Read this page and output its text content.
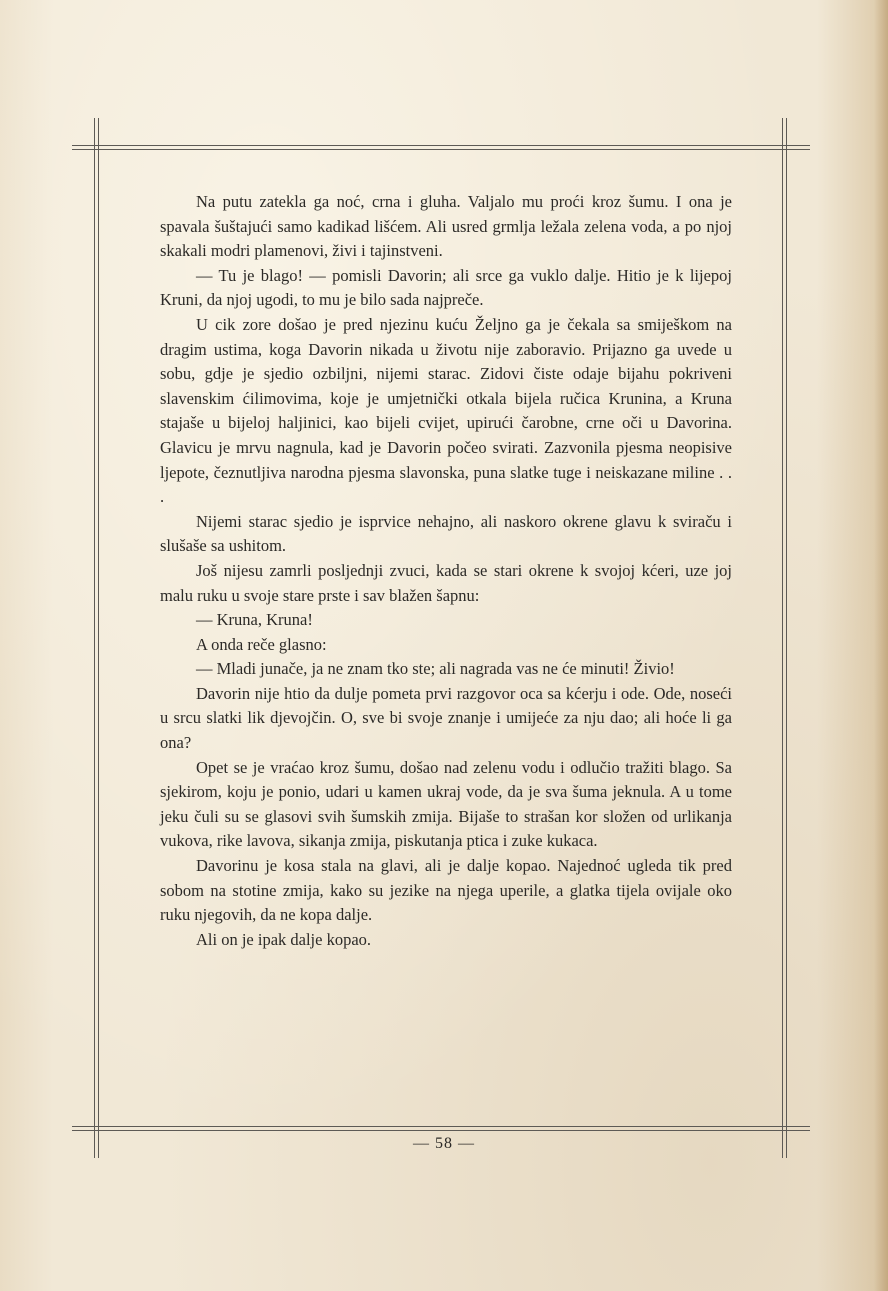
Na putu zatekla ga noć, crna i gluha. Valjalo mu proći kroz šumu. I ona je spavala šuštajući samo kadikad lišćem. Ali usred grmlja ležala zelena voda, a po njoj skakali modri plamenovi, živi i tajinstveni.

— Tu je blago! — pomisli Davorin; ali srce ga vuklo dalje. Hitio je k lijepoj Kruni, da njoj ugodi, to mu je bilo sada najpreče.

U cik zore došao je pred njezinu kuću Željno ga je čekala sa smiješkom na dragim ustima, koga Davorin nikada u životu nije zaboravio. Prijazno ga uvede u sobu, gdje je sjedio ozbiljni, nijemi starac. Zidovi čiste odaje bijahu pokriveni slavenskim ćilimovima, koje je umjetnički otkala bijela ručica Krunina, a Kruna stajaše u bijeloj haljinici, kao bijeli cvijet, upirući čarobne, crne oči u Davorina. Glavicu je mrvu nagnula, kad je Davorin počeo svirati. Zazvonila pjesma neopisive ljepote, čeznutljiva narodna pjesma slavonska, puna slatke tuge i neiskazane miline . . .

Nijemi starac sjedio je isprvice nehajno, ali naskoro okrene glavu k sviraču i slušaše sa ushitom.

Još nijesu zamrli posljednji zvuci, kada se stari okrene k svojoj kćeri, uze joj malu ruku u svoje stare prste i sav blažen šapnu:

— Kruna, Kruna!

A onda reče glasno:

— Mladi junače, ja ne znam tko ste; ali nagrada vas ne će minuti! Živio!

Davorin nije htio da dulje pometa prvi razgovor oca sa kćerju i ode. Ode, noseći u srcu slatki lik djevojčin. O, sve bi svoje znanje i umijeće za nju dao; ali hoće li ga ona?

Opet se je vraćao kroz šumu, došao nad zelenu vodu i odlučio tražiti blago. Sa sjekirom, koju je ponio, udari u kamen ukraj vode, da je sva šuma jeknula. A u tome jeku čuli su se glasovi svih šumskih zmija. Bijaše to strašan kor složen od urlikanja vukova, rike lavova, sikanja zmija, piskutanja ptica i zuke kukaca.

Davorinu je kosa stala na glavi, ali je dalje kopao. Najednoć ugleda tik pred sobom na stotine zmija, kako su jezike na njega uperile, a glatka tijela ovijale oko ruku njegovih, da ne kopa dalje.

Ali on je ipak dalje kopao.

— 58 —
